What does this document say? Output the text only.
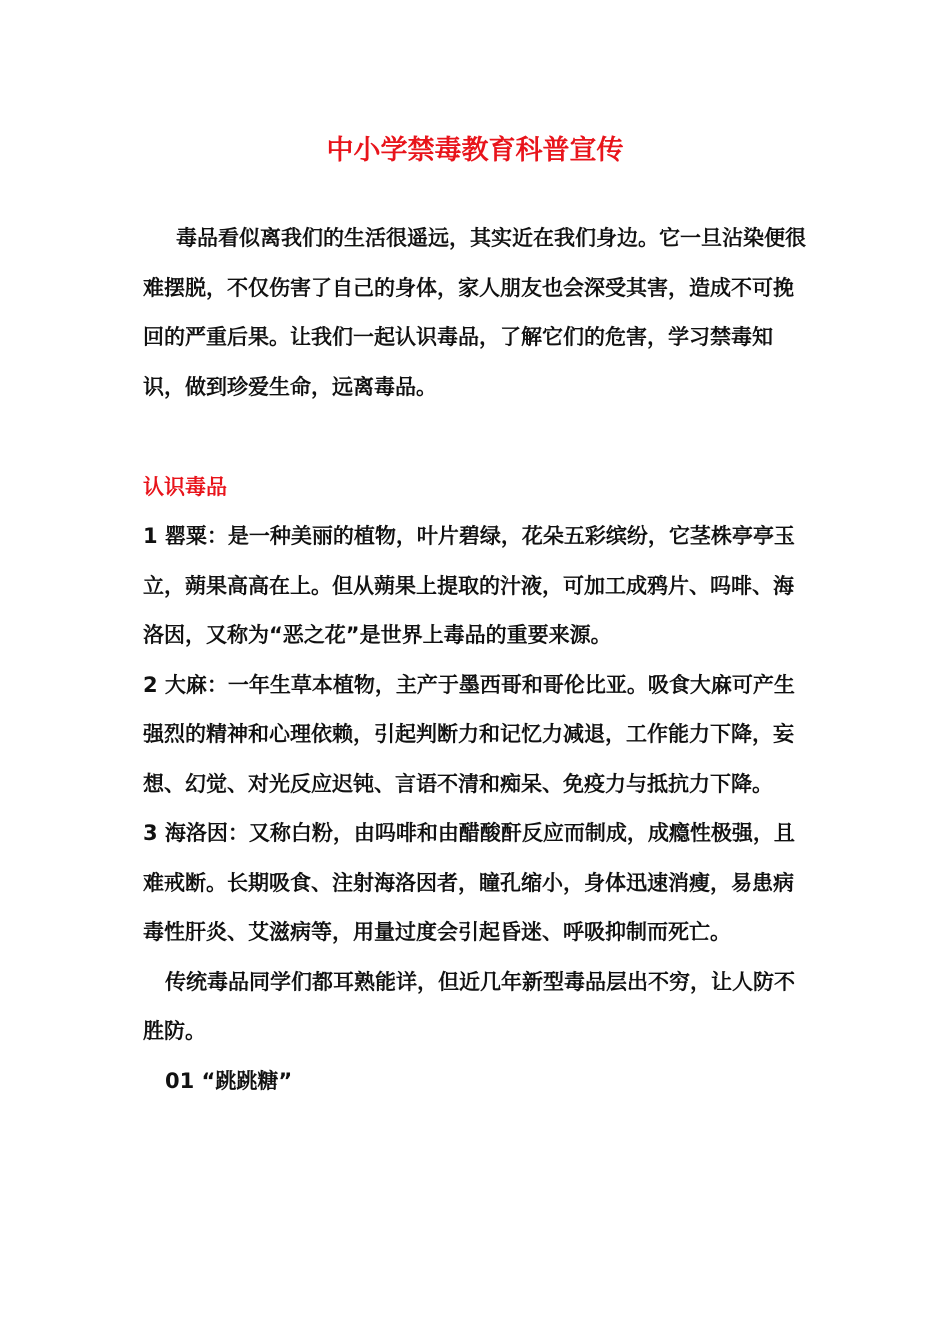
中小学禁毒教育科普宣传

毒品看似离我们的生活很遥远，其实近在我们身边。它一旦沾染便很难摆脱，不仅伤害了自己的身体，家人朋友也会深受其害，造成不可挽回的严重后果。让我们一起认识毒品，了解它们的危害，学习禁毒知识，做到珍爱生命，远离毒品。

认识毒品

1 罂粟：是一种美丽的植物，叶片碧绿，花朵五彩缤纷，它茎株亭亭玉立，蒴果高高在上。但从蒴果上提取的汁液，可加工成鸦片、吗啡、海洛因，又称为“恶之花”是世界上毒品的重要来源。

2 大麻：一年生草本植物，主产于墨西哥和哥伦比亚。吸食大麻可产生强烈的精神和心理依赖，引起判断力和记忆力减退，工作能力下降，妄想、幻觉、对光反应迟钝、言语不清和痴呆、免疫力与抵抗力下降。

3 海洛因：又称白粉，由吗啡和由醋酸酐反应而制成，成瘾性极强，且难戒断。长期吸食、注射海洛因者，瞳孔缩小，身体迅速消瘦，易患病毒性肝炎、艾滋病等，用量过度会引起昏迷、呼吸抑制而死亡。

传统毒品同学们都耳熟能详，但近几年新型毒品层出不穷，让人防不胜防。

01 “跳跳糖”
